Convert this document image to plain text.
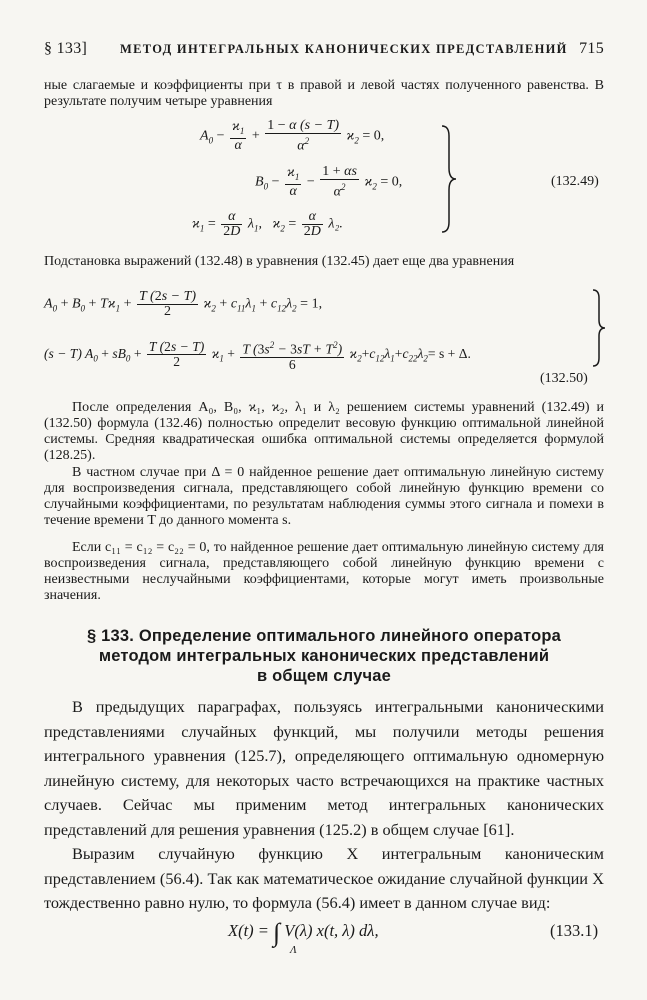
§ 133]	МЕТОД ИНТЕГРАЛЬНЫХ КАНОНИЧЕСКИХ ПРЕДСТАВЛЕНИЙ 715
ные слагаемые и коэффициенты при τ в правой и левой частях полученного равенства. В результате получим четыре уравнения
$A_0 - \frac{ϰ_1}{\alpha} + \frac{1 - \alpha (s - T)}{\alpha^2} ϰ_2 = 0$,
$B_0 - \frac{ϰ_1}{\alpha} - \frac{1 + \alpha s}{\alpha^2} ϰ_2 = 0$,
$ϰ_1 = \frac{\alpha}{2D} \lambda_1$,   $ϰ_2 = \frac{\alpha}{2D} \lambda_2$.
(132.49)
Подстановка выражений (132.48) в уравнения (132.45) дает еще два уравнения
$A_0 + B_0 + Tϰ_1 + \frac{T (2s - T)}{2} ϰ_2 + c_{11}\lambda_1 + c_{12}\lambda_2 = 1$,
(s − T) $A_0 + sB_0 + \frac{T (2s - T)}{2} ϰ_1 + \frac{T (3s^2 - 3sT + T^2)}{6} ϰ_2+c_{12}\lambda_1+c_{22}\lambda_2= s + \Delta$.
(132.50)
После определения A₀, B₀, ϰ₁, ϰ₂, λ₁ и λ₂ решением системы уравнений (132.49) и (132.50) формула (132.46) полностью определит весовую функцию оптимальной линейной системы. Средняя квадратическая ошибка оптимальной системы определяется формулой (128.25).
В частном случае при Δ = 0 найденное решение дает оптимальную линейную систему для воспроизведения сигнала, представляющего собой линейную функцию времени со случайными коэффициентами, по результатам наблюдения суммы этого сигнала и помехи в течение времени T до данного момента s.
Если c₁₁ = c₁₂ = c₂₂ = 0, то найденное решение дает оптимальную линейную систему для воспроизведения сигнала, представляющего собой линейную функцию времени с неизвестными неслучайными коэффициентами, которые могут иметь произвольные значения.
§ 133. Определение оптимального линейного оператора
методом интегральных канонических представлений
в общем случае
В предыдущих параграфах, пользуясь интегральными каноническими представлениями случайных функций, мы получили методы решения интегрального уравнения (125.7), определяющего оптимальную одномерную линейную систему, для некоторых часто встречающихся на практике частных случаев. Сейчас мы применим метод интегральных канонических представлений для решения уравнения (125.2) в общем случае [61].
Выразим случайную функцию X интегральным каноническим представлением (56.4). Так как математическое ожидание случайной функции X тождественно равно нулю, то формула (56.4) имеет в данном случае вид:
X(t) = ∫ V(λ) x(t, λ) dλ,
Λ
(133.1)
